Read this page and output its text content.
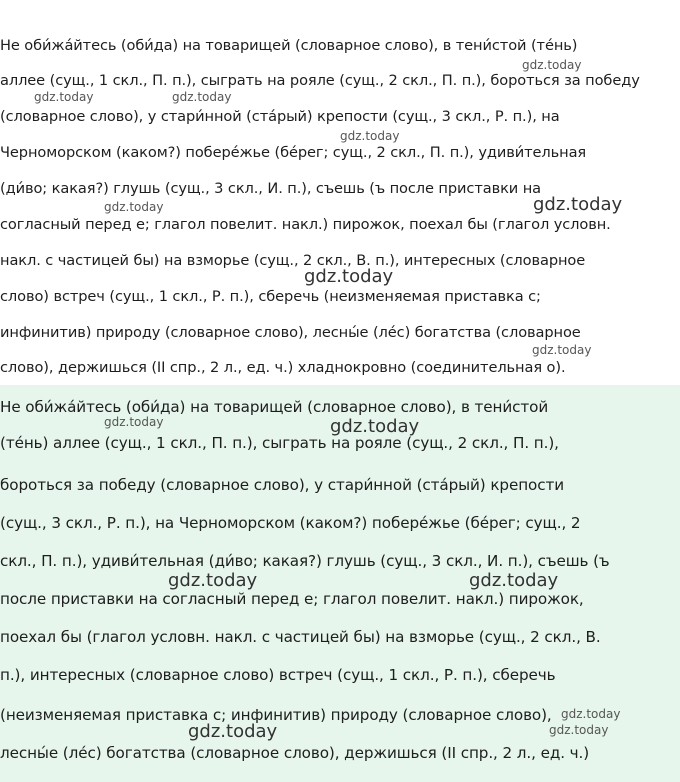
Не оби́жа́йтесь (оби́да) на товарищей (словарное слово), в тени́стой (те́нь)
аллее (сущ., 1 скл., П. п.), сыграть на рояле (сущ., 2 скл., П. п.), бороться за победу
(словарное слово), у стари́нной (ста́рый) крепости (сущ., 3 скл., Р. п.), на
Черноморском (каком?) побере́жье (бе́рег; сущ., 2 скл., П. п.), удиви́тельная
(ди́во; какая?) глушь (сущ., 3 скл., И. п.), съешь (ъ после приставки на
согласный перед е; глагол повелит. накл.) пирожок, поехал бы (глагол условн.
накл. с частицей бы) на взморье (сущ., 2 скл., В. п.), интересных (словарное
слово) встреч (сущ., 1 скл., Р. п.), сберечь (неизменяемая приставка с;
инфинитив) природу (словарное слово), лесны́е (ле́с) богатства (словарное
слово), держишься (II спр., 2 л., ед. ч.) хладнокровно (соединительная о).
gdz.today
gdz.today	gdz.today
gdz.today
gdz.today	gdz.today
gdz.today
gdz.today
Не оби́жа́йтесь (оби́да) на товарищей (словарное слово), в тени́стой
(те́нь) аллее (сущ., 1 скл., П. п.), сыграть на рояле (сущ., 2 скл., П. п.),
бороться за победу (словарное слово), у стари́нной (ста́рый) крепости
(сущ., 3 скл., Р. п.), на Черноморском (каком?) побере́жье (бе́рег; сущ., 2
скл., П. п.), удиви́тельная (ди́во; какая?) глушь (сущ., 3 скл., И. п.), съешь (ъ
после приставки на согласный перед е; глагол повелит. накл.) пирожок,
поехал бы (глагол условн. накл. с частицей бы) на взморье (сущ., 2 скл., В.
п.), интересных (словарное слово) встреч (сущ., 1 скл., Р. п.), сберечь
(неизменяемая приставка с; инфинитив) природу (словарное слово),
лесны́е (ле́с) богатства (словарное слово), держишься (II спр., 2 л., ед. ч.)
gdz.today	gdz.today
gdz.today	gdz.today
gdz.today
gdz.today	gdz.today
